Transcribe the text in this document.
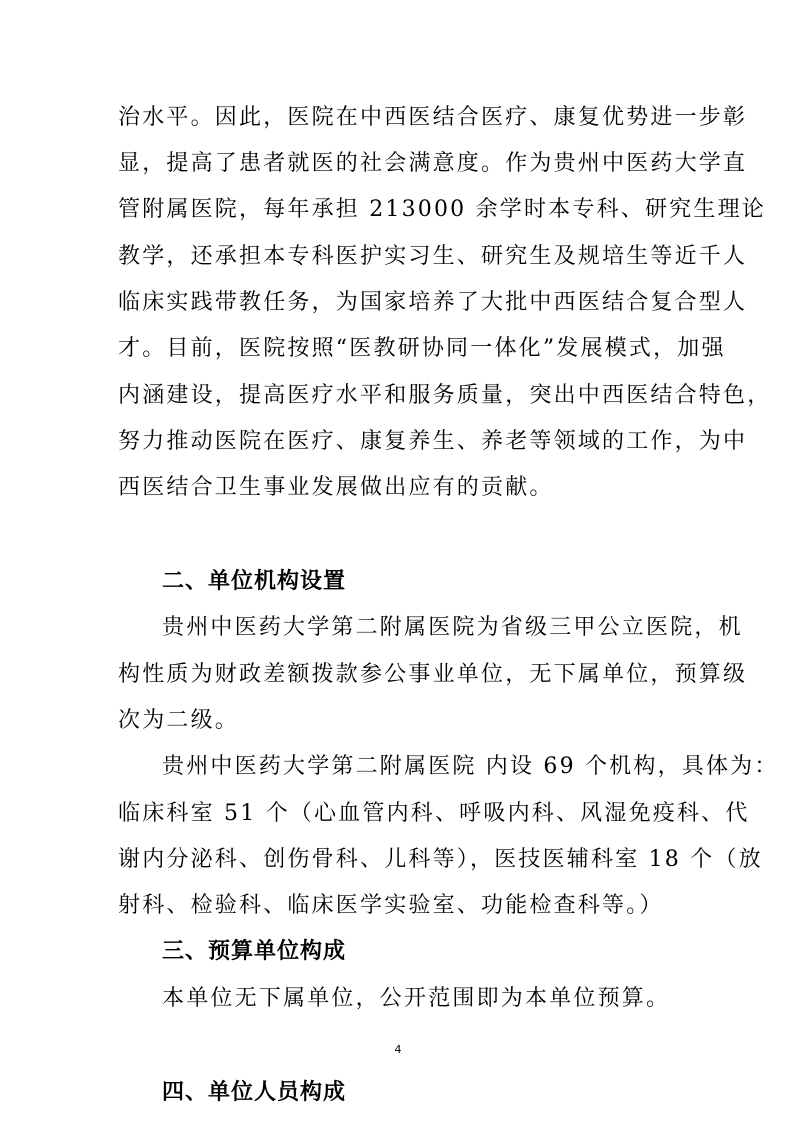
治水平。因此，医院在中西医结合医疗、康复优势进一步彰
显，提高了患者就医的社会满意度。作为贵州中医药大学直
管附属医院，每年承担 213000 余学时本专科、研究生理论
教学，还承担本专科医护实习生、研究生及规培生等近千人
临床实践带教任务，为国家培养了大批中西医结合复合型人
才。目前，医院按照“医教研协同一体化”发展模式，加强
内涵建设，提高医疗水平和服务质量，突出中西医结合特色，
努力推动医院在医疗、康复养生、养老等领域的工作，为中
西医结合卫生事业发展做出应有的贡献。
二、单位机构设置
贵州中医药大学第二附属医院为省级三甲公立医院，机
构性质为财政差额拨款参公事业单位，无下属单位，预算级
次为二级。
贵州中医药大学第二附属医院 内设 69 个机构，具体为：
临床科室 51 个（心血管内科、呼吸内科、风湿免疫科、代
谢内分泌科、创伤骨科、儿科等），医技医辅科室 18 个（放
射科、检验科、临床医学实验室、功能检查科等。）
三、预算单位构成
本单位无下属单位，公开范围即为本单位预算。
四、单位人员构成
4
